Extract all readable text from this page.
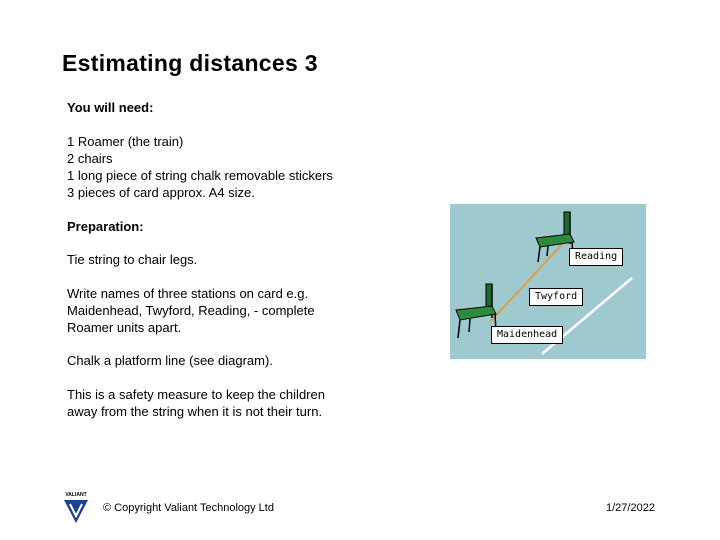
Estimating distances 3
You will need:
1 Roamer (the train)
2 chairs
1 long piece of string chalk removable stickers
3 pieces of card approx. A4 size.
Preparation:
Tie string to chair legs.
Write names of three stations on card e.g.
Maidenhead, Twyford, Reading, - complete
Roamer units apart.
Chalk a platform line (see diagram).
This is a safety measure to keep the children
away from the string when it is not their turn.
Reading
Twyford
Maidenhead
VALIANT
© Copyright Valiant Technology Ltd	1/27/2022
